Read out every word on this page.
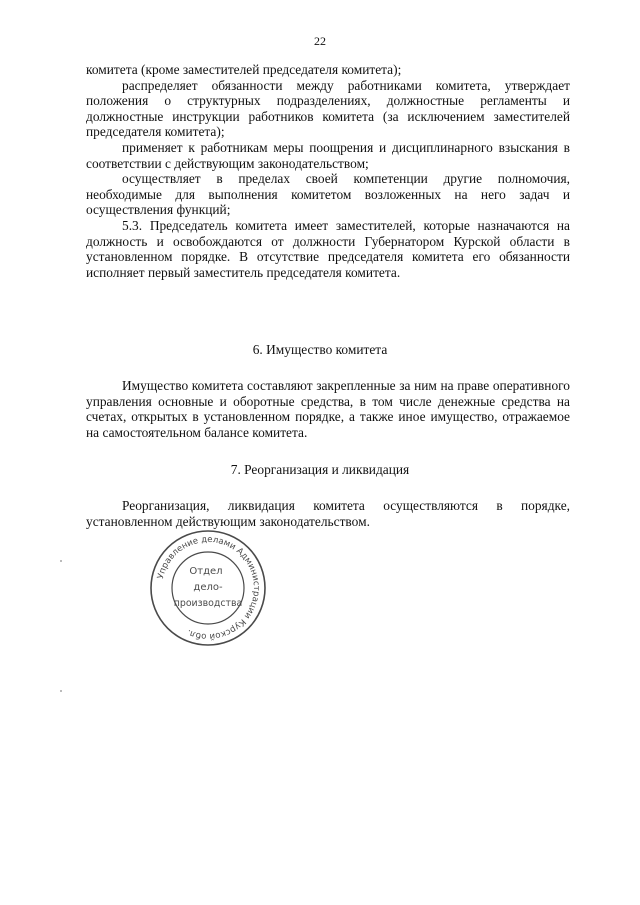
22

комитета (кроме заместителей председателя комитета);

распределяет обязанности между работниками комитета, утверждает положения о структурных подразделениях, должностные регламенты и должностные инструкции работников комитета (за исключением заместителей председателя комитета);

применяет к работникам меры поощрения и дисциплинарного взыскания в соответствии с действующим законодательством;

осуществляет в пределах своей компетенции другие полномочия, необходимые для выполнения комитетом возложенных на него задач и осуществления функций;

5.3. Председатель комитета имеет заместителей, которые назначаются на должность и освобождаются от должности Губернатором Курской области в установленном порядке. В отсутствие председателя комитета его обязанности исполняет первый заместитель председателя комитета.

6. Имущество комитета

Имущество комитета составляют закрепленные за ним на праве оперативного управления основные и оборотные средства, в том числе денежные средства на счетах, открытых в установленном порядке, а также иное имущество, отражаемое на самостоятельном балансе комитета.

7. Реорганизация и ликвидация

Реорганизация, ликвидация комитета осуществляются в порядке, установленном действующим законодательством.

Управление делами Администрации Курской обл.
Отдел
дело-
производства
